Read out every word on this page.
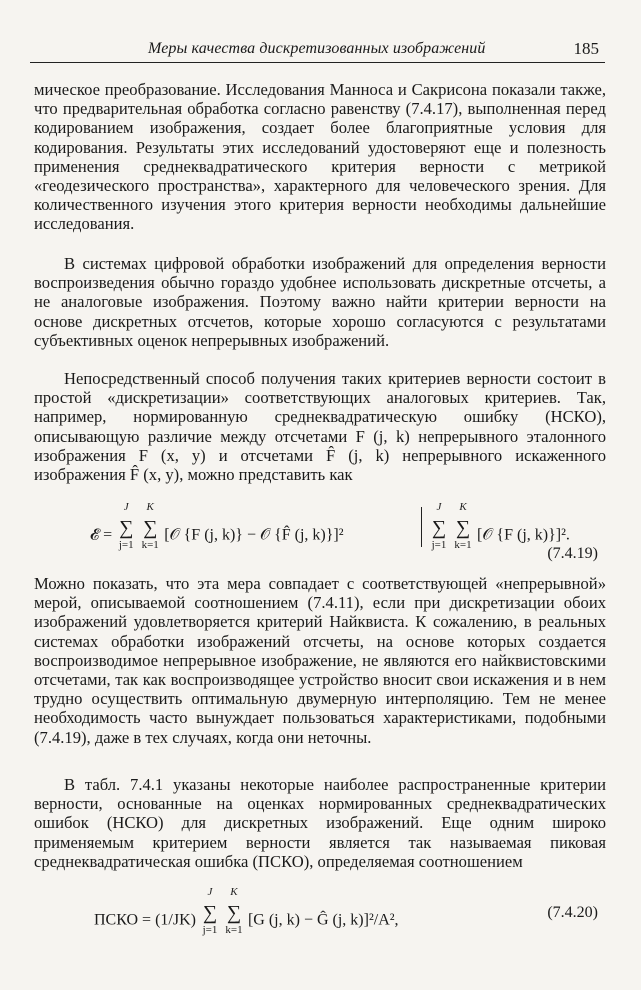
Меры качества дискретизованных изображений	185

мическое преобразование. Исследования Манноса и Сакрисона показали также, что предварительная обработка согласно равенству (7.4.17), выполненная перед кодированием изображения, создает более благоприятные условия для кодирования. Результаты этих исследований удостоверяют еще и полезность применения среднеквадратического критерия верности с метрикой «геодезического пространства», характерного для человеческого зрения. Для количественного изучения этого критерия верности необходимы дальнейшие исследования.

В системах цифровой обработки изображений для определения верности воспроизведения обычно гораздо удобнее использовать дискретные отсчеты, а не аналоговые изображения. Поэтому важно найти критерии верности на основе дискретных отсчетов, которые хорошо согласуются с результатами субъективных оценок непрерывных изображений.

Непосредственный способ получения таких критериев верности состоит в простой «дискретизации» соответствующих аналоговых критериев. Так, например, нормированную среднеквадратическую ошибку (НСКО), описывающую различие между отсчетами F (j, k) непрерывного эталонного изображения F (x, y) и отсчетами F̂ (j, k) непрерывного искаженного изображения F̂ (x, y), можно представить как

𝓔 =
J
∑
j=1

K
∑
k=1
[𝒪 {F (j, k)} − 𝒪 {F̂ (j, k)}]²
J
∑
j=1

K
∑
k=1
[𝒪 {F (j, k)}]².
(7.4.19)

Можно показать, что эта мера совпадает с соответствующей «непрерывной» мерой, описываемой соотношением (7.4.11), если при дискретизации обоих изображений удовлетворяется критерий Найквиста. К сожалению, в реальных системах обработки изображений отсчеты, на основе которых создается воспроизводимое непрерывное изображение, не являются его найквистовскими отсчетами, так как воспроизводящее устройство вносит свои искажения и в нем трудно осуществить оптимальную двумерную интерполяцию. Тем не менее необходимость часто вынуждает пользоваться характеристиками, подобными (7.4.19), даже в тех случаях, когда они неточны.

В табл. 7.4.1 указаны некоторые наиболее распространенные критерии верности, основанные на оценках нормированных среднеквадратических ошибок (НСКО) для дискретных изображений. Еще одним широко применяемым критерием верности является так называемая пиковая среднеквадратическая ошибка (ПСКО), определяемая соотношением

ПСКО = (1/JK)
J
∑
j=1

K
∑
k=1
[G (j, k) − Ĝ (j, k)]²/A²,	(7.4.20)
